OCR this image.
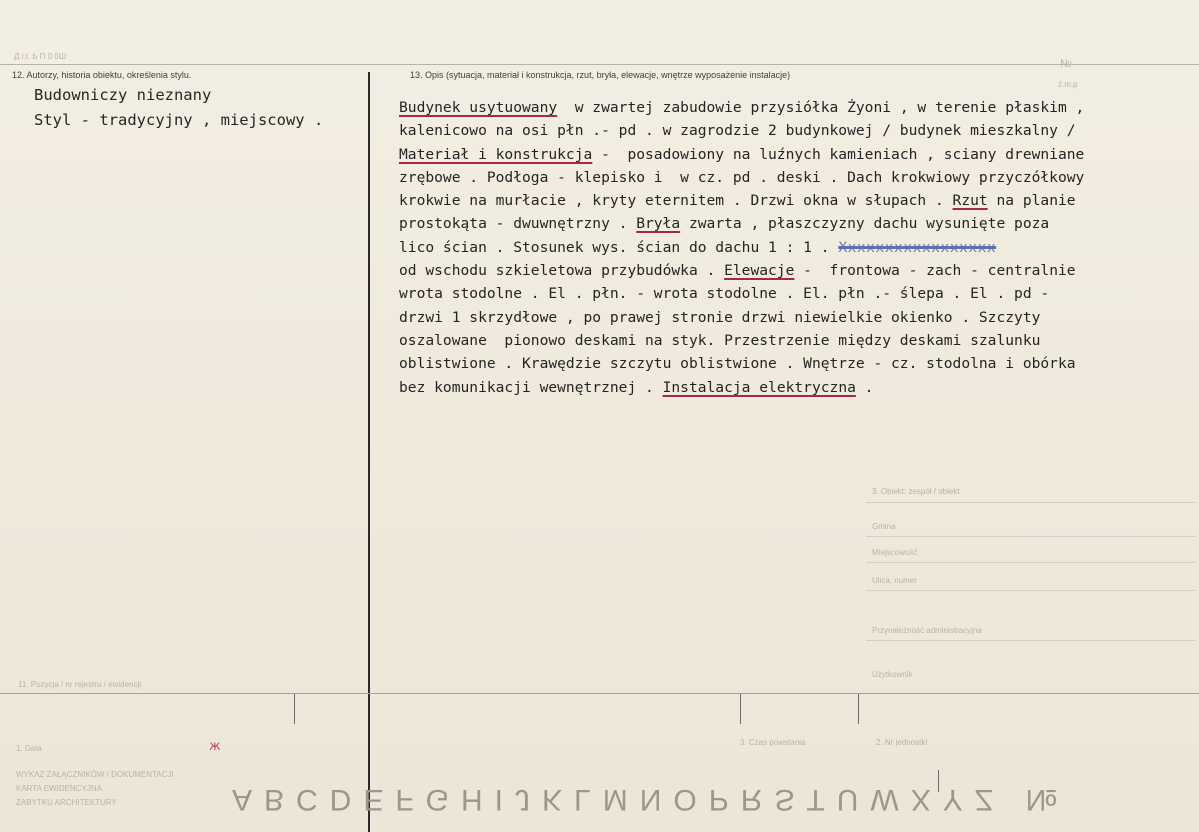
Д г.г. Ь П 0 0Ш
12. Autorzy, historia obiektu, określenia stylu.	13. Opis (sytuacja, materiał i konstrukcja, rzut, bryła, elewacje, wnętrze wyposażenie instalacje)
№
ż.m.p
Budowniczy nieznany
Styl - tradycyjny , miejscowy .
Budynek usytuowany  w zwartej zabudowie przysiółka Żyoni , w terenie płaskim ,
kalenicowo na osi płn .- pd . w zagrodzie 2 budynkowej / budynek mieszkalny /
Materiał i konstrukcja -  posadowiony na luźnych kamieniach , sciany drewniane
zrębowe . Podłoga - klepisko i  w cz. pd . deski . Dach krokwiowy przyczółkowy
krokwie na murłacie , kryty eternitem . Drzwi okna w słupach . Rzut na planie
prostokąta - dwuwnętrzny . Bryła zwarta , płaszczyzny dachu wysunięte poza
lico ścian . Stosunek wys. ścian do dachu 1 : 1 . Xxxxxxxxxxxxxxxxx
od wschodu szkieletowa przybudówka . Elewacje -  frontowa - zach - centralnie
wrota stodolne . El . płn. - wrota stodolne . El. płn .- ślepa . El . pd -
drzwi 1 skrzydłowe , po prawej stronie drzwi niewielkie okienko . Szczyty
oszalowane  pionowo deskami na styk. Przestrzenie między deskami szalunku
oblistwione . Krawędzie szczytu oblistwione . Wnętrze - cz. stodolna i obórka
bez komunikacji wewnętrznej . Instalacja elektryczna .
11. Pozycja / nr rejestru / ewidencji
1. Data
WYKAZ ZAŁĄCZNIKÓW / DOKUMENTACJI
KARTA EWIDENCYJNA
ZABYTKU ARCHITEKTURY
3. Obiekt: zespół / obiekt
Gmina
Miejscowość
Ulica, numer
Przynależność administracyjna
Użytkownik
3. Czas powstania	2. Nr jednostki
ж
ABCDEFGHIJKLMNOPRSTUWXYZ №
